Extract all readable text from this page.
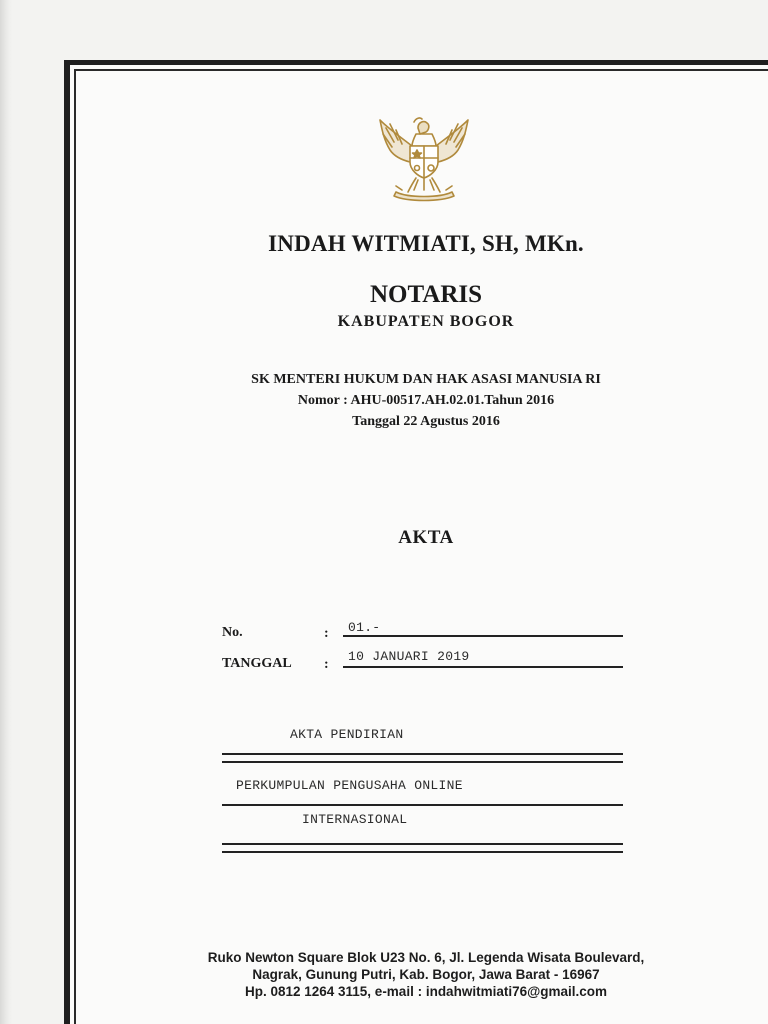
INDAH WITMIATI, SH, MKn.
NOTARIS
KABUPATEN BOGOR
SK MENTERI HUKUM DAN HAK ASASI MANUSIA RI
Nomor : AHU-00517.AH.02.01.Tahun 2016
Tanggal 22 Agustus 2016
AKTA
No.	: 01.-
TANGGAL :
10 JANUARI 2019
AKTA PENDIRIAN
PERKUMPULAN PENGUSAHA ONLINE
INTERNASIONAL
Ruko Newton Square Blok U23 No. 6, Jl. Legenda Wisata Boulevard,
Nagrak, Gunung Putri, Kab. Bogor, Jawa Barat - 16967
Hp. 0812 1264 3115, e-mail : indahwitmiati76@gmail.com
